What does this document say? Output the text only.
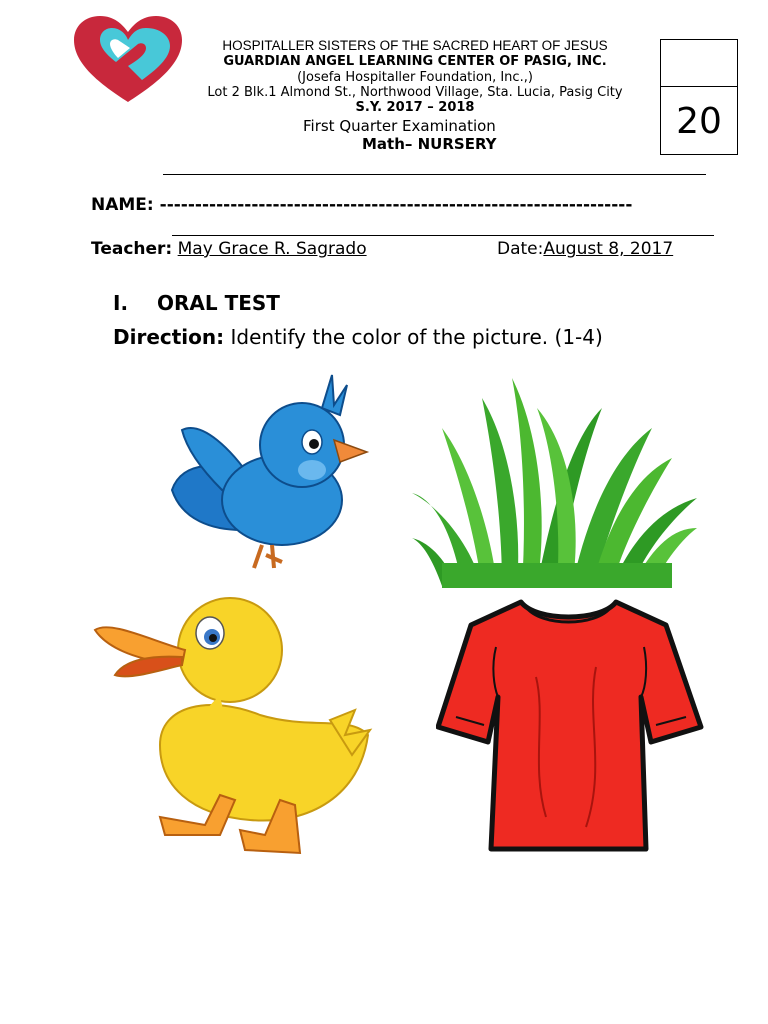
HOSPITALLER SISTERS OF THE SACRED HEART OF JESUS
GUARDIAN ANGEL LEARNING CENTER OF PASIG, INC.
(Josefa Hospitaller Foundation, Inc.,)
Lot 2 Blk.1 Almond St., Northwood Village, Sta. Lucia, Pasig City
S.Y. 2017 – 2018
First Quarter Examination
Math– NURSERY
20
NAME: -------------------------------------------------------------------
Teacher: May Grace R. Sagrado	Date:August 8, 2017
I. ORAL TEST
Direction: Identify the color of the picture. (1-4)
